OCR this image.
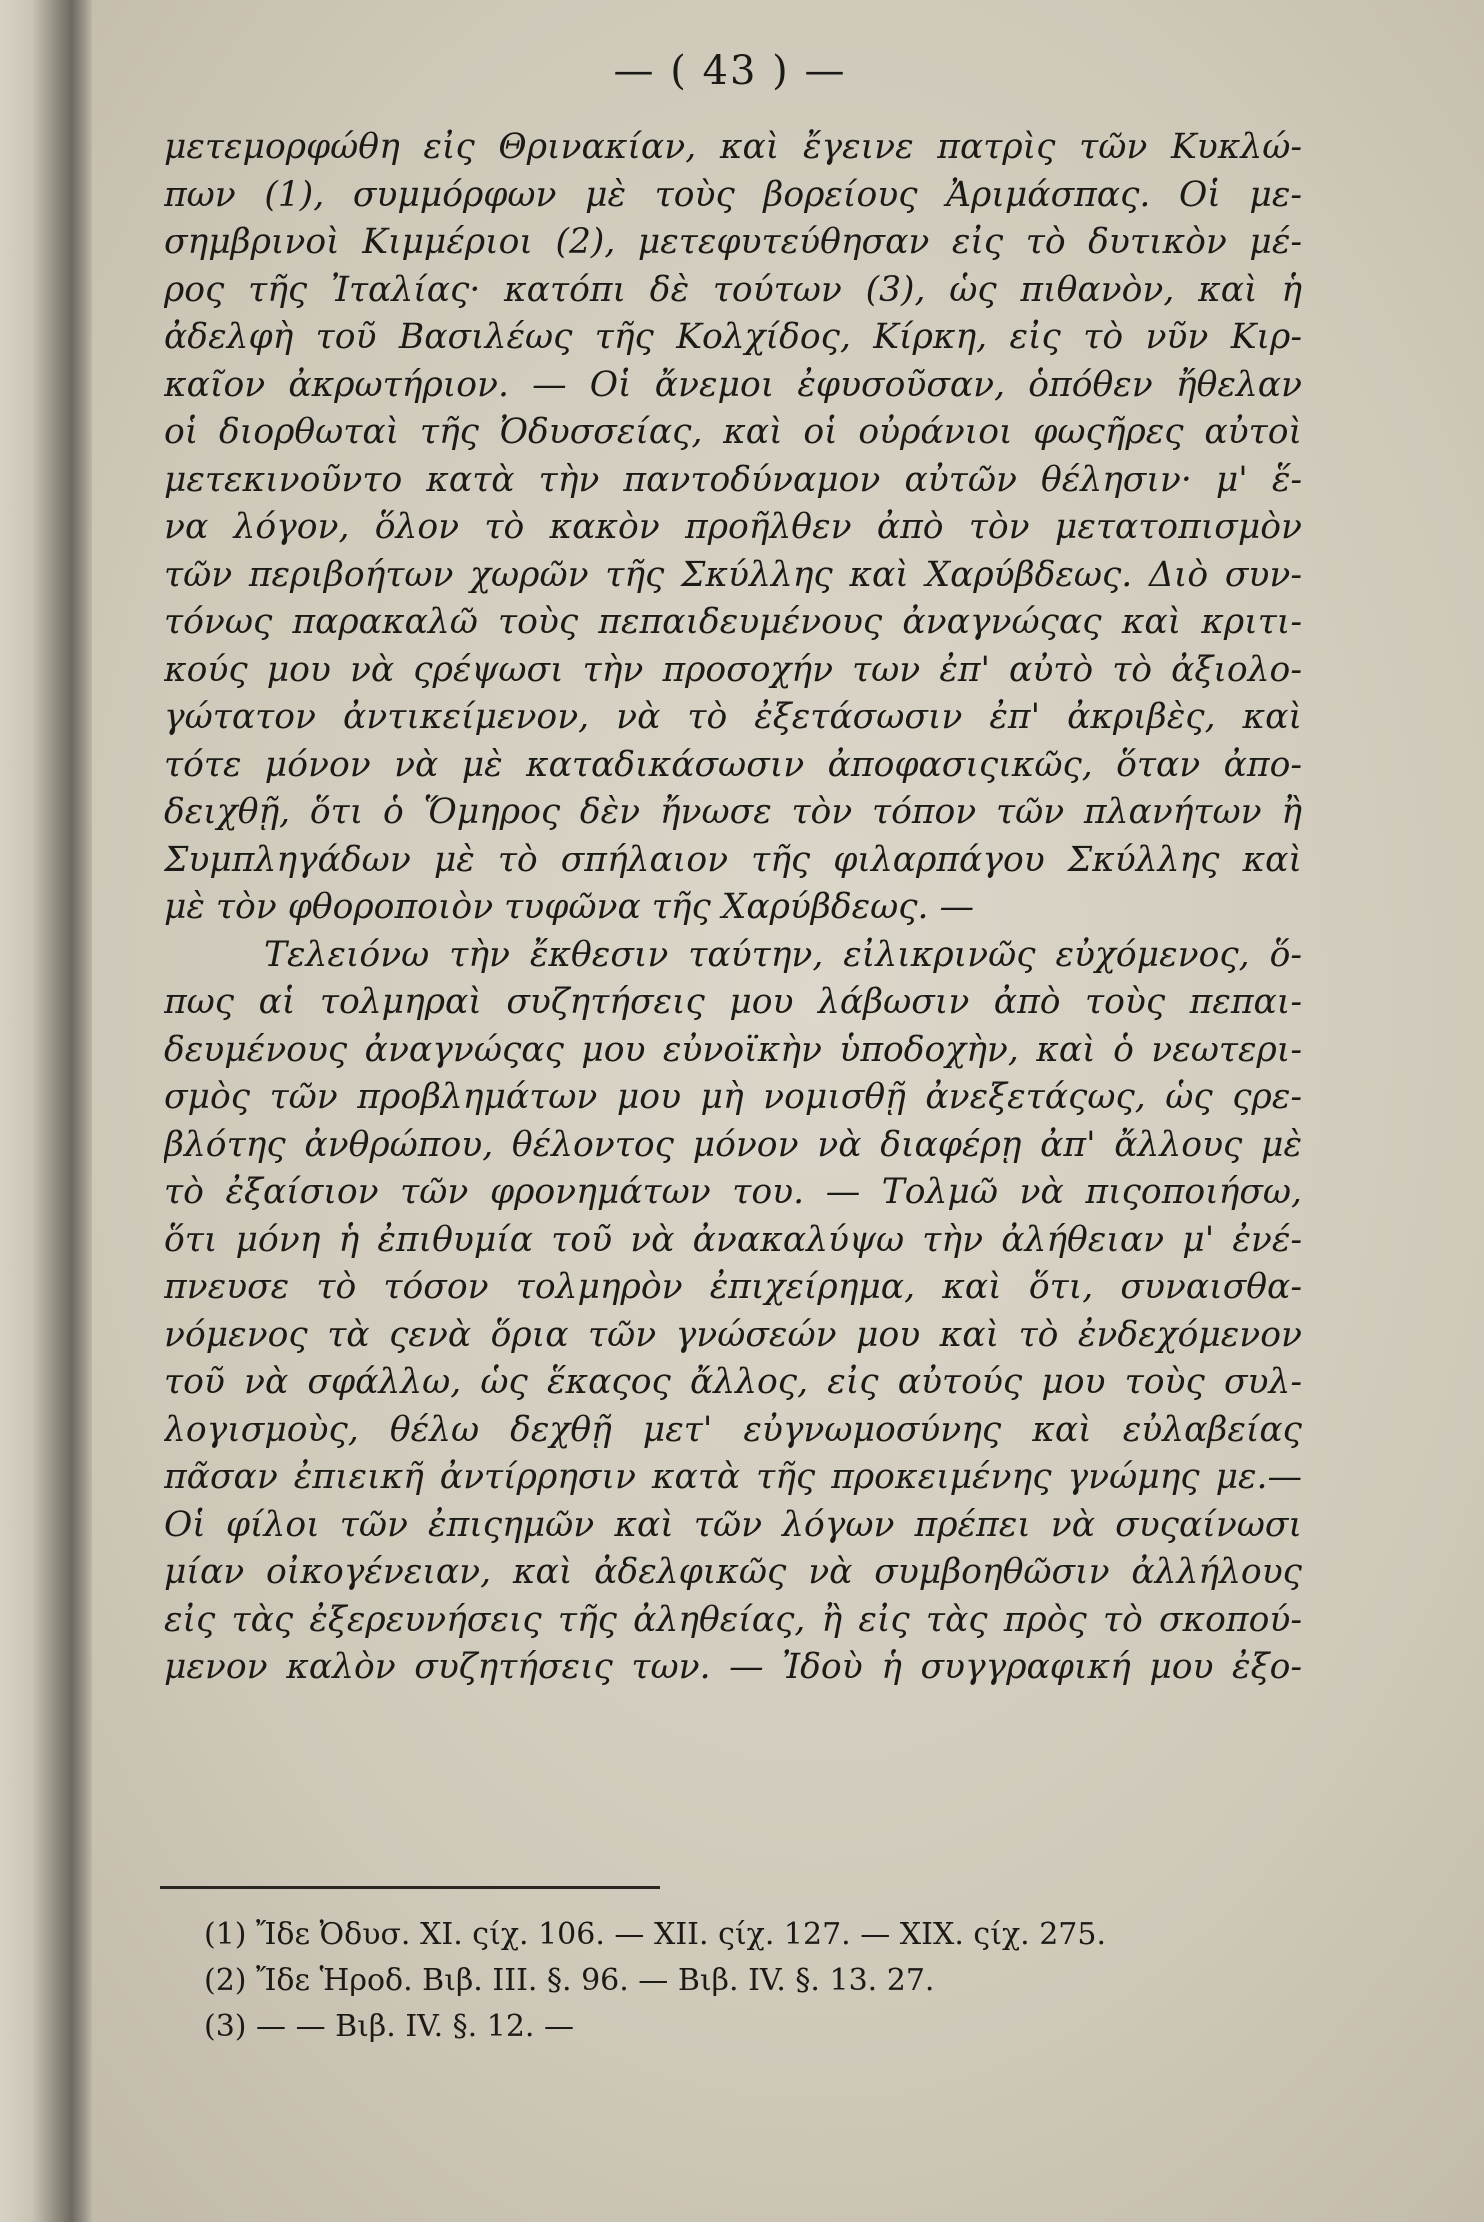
— ( 43 ) —
μετεμορφώθη εἰς Θρινακίαν, καὶ ἔγεινε πατρὶς τῶν Κυκλώ-
πων (1), συμμόρφων μὲ τοὺς βορείους Ἀριμάσπας. Οἱ με-
σημβρινοὶ Κιμμέριοι (2), μετεφυτεύθησαν εἰς τὸ δυτικὸν μέ-
ρος τῆς Ἰταλίας· κατόπι δὲ τούτων (3), ὡς πιθανὸν, καὶ ἡ
ἀδελφὴ τοῦ Βασιλέως τῆς Κολχίδος, Κίρκη, εἰς τὸ νῦν Κιρ-
καῖον ἀκρωτήριον. — Οἱ ἄνεμοι ἐφυσοῦσαν, ὁπόθεν ἤθελαν
οἱ διορθωταὶ τῆς Ὀδυσσείας, καὶ οἱ οὐράνιοι φωςῆρες αὐτοὶ
μετεκινοῦντο κατὰ τὴν παντοδύναμον αὐτῶν θέλησιν· μ' ἕ-
να λόγον, ὅλον τὸ κακὸν προῆλθεν ἀπὸ τὸν μετατοπισμὸν
τῶν περιβοήτων χωρῶν τῆς Σκύλλης καὶ Χαρύβδεως. Διὸ συν-
τόνως παρακαλῶ τοὺς πεπαιδευμένους ἀναγνώςας καὶ κριτι-
κούς μου νὰ ςρέψωσι τὴν προσοχήν των ἐπ' αὐτὸ τὸ ἀξιολο-
γώτατον ἀντικείμενον, νὰ τὸ ἐξετάσωσιν ἐπ' ἀκριβὲς, καὶ
τότε μόνον νὰ μὲ καταδικάσωσιν ἀποφασιςικῶς, ὅταν ἀπο-
δειχθῇ, ὅτι ὁ Ὅμηρος δὲν ἤνωσε τὸν τόπον τῶν πλανήτων ἢ
Συμπληγάδων μὲ τὸ σπήλαιον τῆς φιλαρπάγου Σκύλλης καὶ
μὲ τὸν φθοροποιὸν τυφῶνα τῆς Χαρύβδεως. —
Τελειόνω τὴν ἔκθεσιν ταύτην, εἰλικρινῶς εὐχόμενος, ὅ-
πως αἱ τολμηραὶ συζητήσεις μου λάβωσιν ἀπὸ τοὺς πεπαι-
δευμένους ἀναγνώςας μου εὐνοϊκὴν ὑποδοχὴν, καὶ ὁ νεωτερι-
σμὸς τῶν προβλημάτων μου μὴ νομισθῇ ἀνεξετάςως, ὡς ςρε-
βλότης ἀνθρώπου, θέλοντος μόνον νὰ διαφέρῃ ἀπ' ἄλλους μὲ
τὸ ἐξαίσιον τῶν φρονημάτων του. — Τολμῶ νὰ πιςοποιήσω,
ὅτι μόνη ἡ ἐπιθυμία τοῦ νὰ ἀνακαλύψω τὴν ἀλήθειαν μ' ἐνέ-
πνευσε τὸ τόσον τολμηρὸν ἐπιχείρημα, καὶ ὅτι, συναισθα-
νόμενος τὰ ςενὰ ὅρια τῶν γνώσεών μου καὶ τὸ ἐνδεχόμενον
τοῦ νὰ σφάλλω, ὡς ἕκαςος ἄλλος, εἰς αὐτούς μου τοὺς συλ-
λογισμοὺς, θέλω δεχθῇ μετ' εὐγνωμοσύνης καὶ εὐλαβείας
πᾶσαν ἐπιεικῆ ἀντίρρησιν κατὰ τῆς προκειμένης γνώμης με.—
Οἱ φίλοι τῶν ἐπιςημῶν καὶ τῶν λόγων πρέπει νὰ συςαίνωσι
μίαν οἰκογένειαν, καὶ ἀδελφικῶς νὰ συμβοηθῶσιν ἀλλήλους
εἰς τὰς ἐξερευνήσεις τῆς ἀληθείας, ἢ εἰς τὰς πρὸς τὸ σκοπού-
μενον καλὸν συζητήσεις των. — Ἰδοὺ ἡ συγγραφική μου ἐξο-
(1) Ἴδε Ὀδυσ. XI. ςίχ. 106. — XII. ςίχ. 127. — XIX. ςίχ. 275.
(2) Ἴδε Ἡροδ. Βιβ. III. §. 96. — Βιβ. IV. §. 13. 27.
(3) — — Βιβ. IV. §. 12. —
